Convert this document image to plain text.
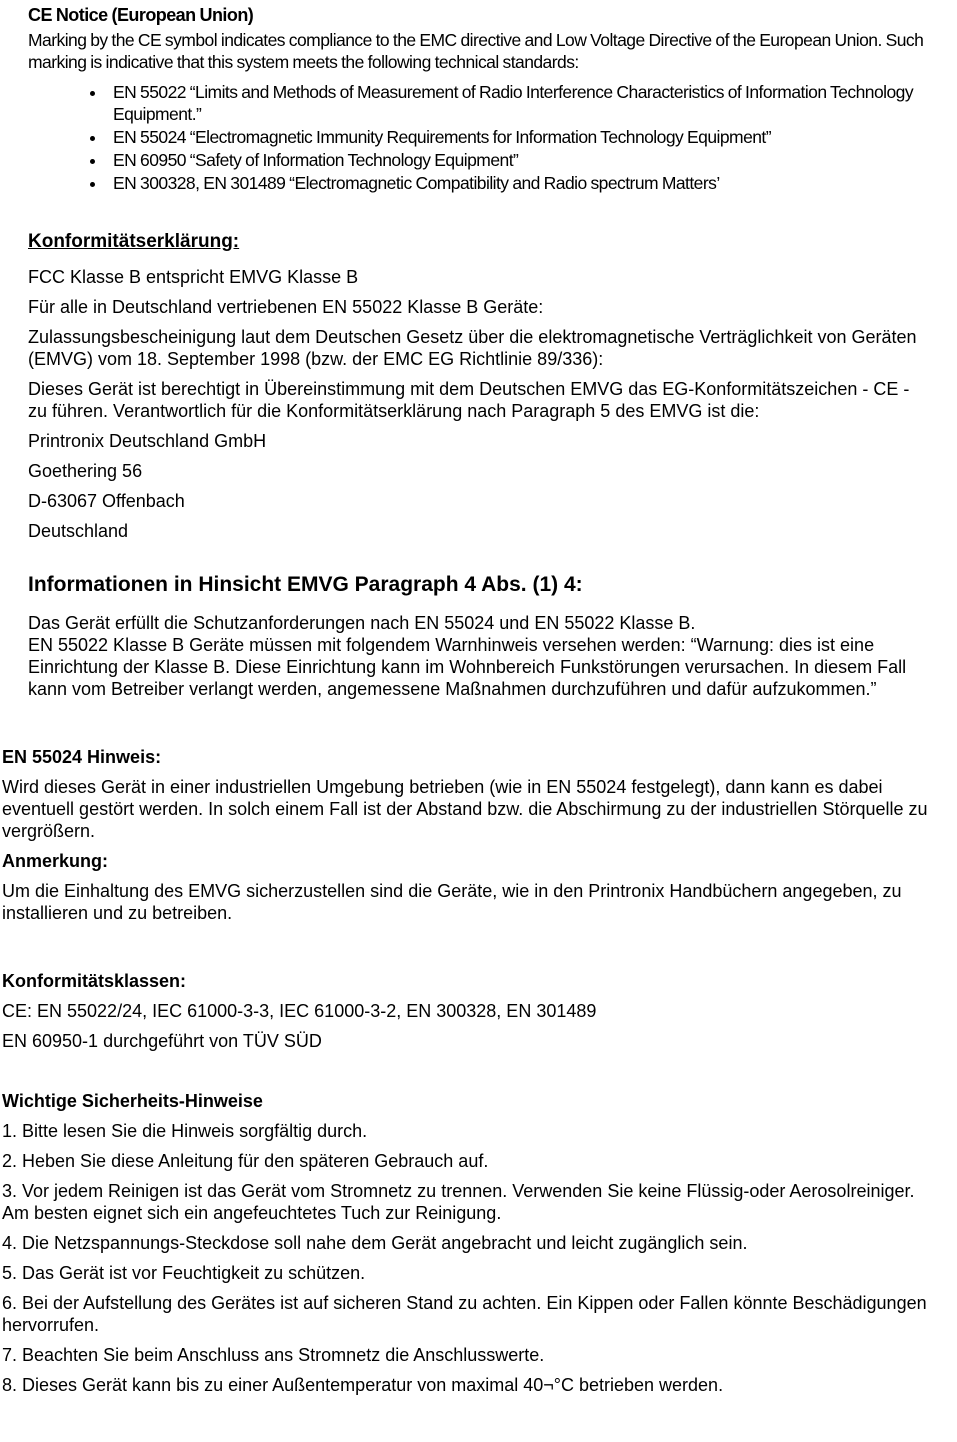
CE Notice (European Union)

Marking by the CE symbol indicates compliance to the EMC directive and Low Voltage Directive of the European Union. Such marking is indicative that this system meets the following technical standards:

• EN 55022 “Limits and Methods of Measurement of Radio Interference Characteristics of Information Technology Equipment.”
• EN 55024 “Electromagnetic Immunity Requirements for Information Technology Equipment”
• EN 60950 “Safety of Information Technology Equipment”
• EN 300328, EN 301489 “Electromagnetic Compatibility and Radio spectrum Matters’
Konformitätserklärung:

FCC Klasse B entspricht EMVG Klasse B

Für alle in Deutschland vertriebenen EN 55022 Klasse B Geräte:

Zulassungsbescheinigung laut dem Deutschen Gesetz über die elektromagnetische Verträglichkeit von Geräten (EMVG) vom 18. September 1998 (bzw. der EMC EG Richtlinie 89/336):

Dieses Gerät ist berechtigt in Übereinstimmung mit dem Deutschen EMVG das EG-Konformitätszeichen - CE - zu führen. Verantwortlich für die Konformitätserklärung nach Paragraph 5 des EMVG ist die:

Printronix Deutschland GmbH

Goethering 56

D-63067 Offenbach

Deutschland

Informationen in Hinsicht EMVG Paragraph 4 Abs. (1) 4:

Das Gerät erfüllt die Schutzanforderungen nach EN 55024 und EN 55022 Klasse B.

EN 55022 Klasse B Geräte müssen mit folgendem Warnhinweis versehen werden: “Warnung: dies ist eine Einrichtung der Klasse B. Diese Einrichtung kann im Wohnbereich Funkstörungen verursachen. In diesem Fall kann vom Betreiber verlangt werden, angemessene Maßnahmen durchzuführen und dafür aufzukommen.”

EN 55024 Hinweis:

Wird dieses Gerät in einer industriellen Umgebung betrieben (wie in EN 55024 festgelegt), dann kann es dabei eventuell gestört werden. In solch einem Fall ist der Abstand bzw. die Abschirmung zu der industriellen Störquelle zu vergrößern.

Anmerkung:

Um die Einhaltung des EMVG sicherzustellen sind die Geräte, wie in den Printronix Handbüchern angegeben, zu installieren und zu betreiben.

Konformitätsklassen:

CE: EN 55022/24, IEC 61000-3-3, IEC 61000-3-2, EN 300328, EN 301489

EN 60950-1 durchgeführt von TÜV SÜD

Wichtige Sicherheits-Hinweise

1. Bitte lesen Sie die Hinweis sorgfältig durch.

2. Heben Sie diese Anleitung für den späteren Gebrauch auf.

3. Vor jedem Reinigen ist das Gerät vom Stromnetz zu trennen. Verwenden Sie keine Flüssig-oder Aerosolreiniger. Am besten eignet sich ein angefeuchtetes Tuch zur Reinigung.

4. Die Netzspannungs-Steckdose soll nahe dem Gerät angebracht und leicht zugänglich sein.

5. Das Gerät ist vor Feuchtigkeit zu schützen.

6. Bei der Aufstellung des Gerätes ist auf sicheren Stand zu achten. Ein Kippen oder Fallen könnte Beschädigungen hervorrufen.

7. Beachten Sie beim Anschluss ans Stromnetz die Anschlusswerte.

8. Dieses Gerät kann bis zu einer Außentemperatur von maximal 40¬°C betrieben werden.
